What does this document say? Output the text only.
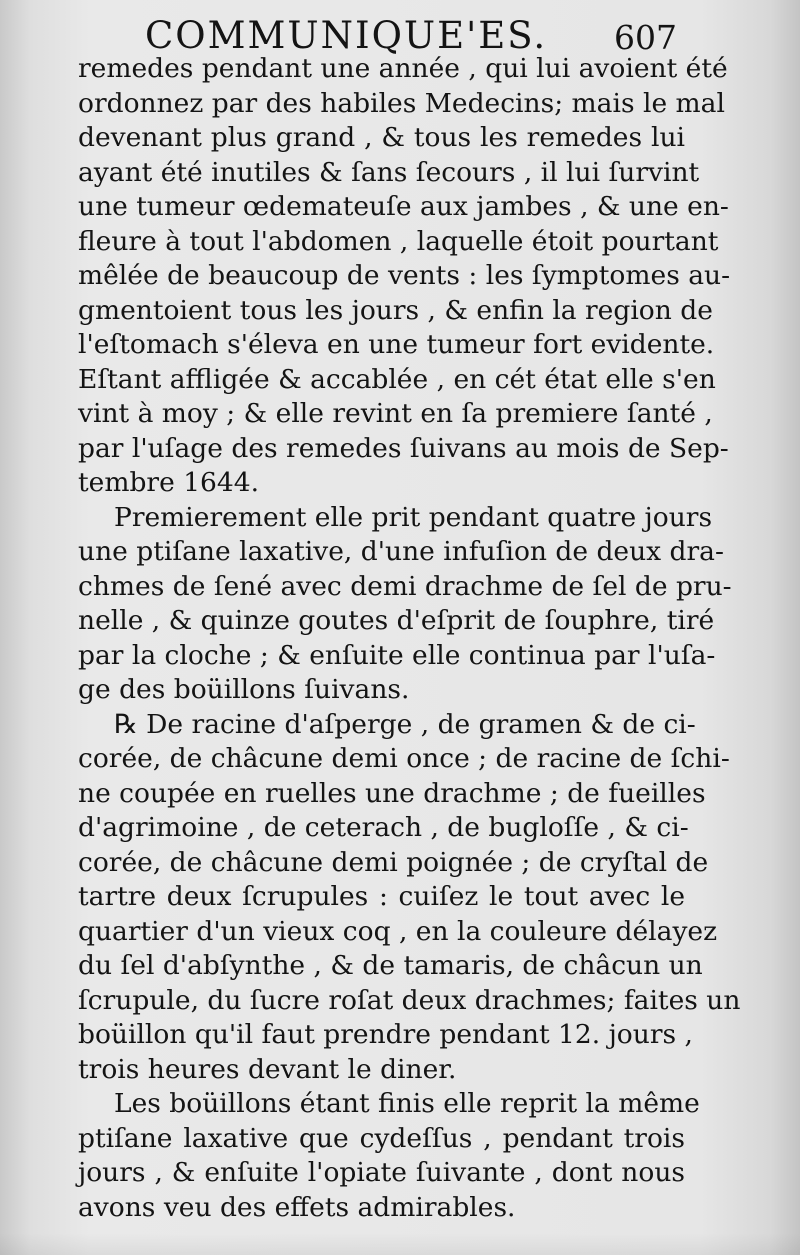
COMMUNIQUE'ES. 607
remedes pendant une année , qui lui avoient été
ordonnez par des habiles Medecins; mais le mal
devenant plus grand , & tous les remedes lui
ayant été inutiles & ſans ſecours , il lui ſurvint
une tumeur œdemateuſe aux jambes , & une en-
fleure à tout l'abdomen , laquelle étoit pourtant
mêlée de beaucoup de vents : les ſymptomes au-
gmentoient tous les jours , & enfin la region de
l'eſtomach s'éleva en une tumeur fort evidente.
Eſtant affligée & accablée , en cét état elle s'en
vint à moy ; & elle revint en ſa premiere ſanté ,
par l'uſage des remedes ſuivans au mois de Sep-
tembre 1644.
Premierement elle prit pendant quatre jours
une ptiſane laxative, d'une infuſion de deux dra-
chmes de ſené avec demi drachme de ſel de pru-
nelle , & quinze goutes d'eſprit de ſouphre, tiré
par la cloche ; & enſuite elle continua par l'uſa-
ge des boüillons ſuivans.
℞ De racine d'aſperge , de gramen & de ci-
corée, de châcune demi once ; de racine de ſchi-
ne coupée en ruelles une drachme ; de fueilles
d'agrimoine , de ceterach , de bugloſſe , & ci-
corée, de châcune demi poignée ; de cryſtal de
tartre deux ſcrupules : cuiſez le tout avec le
quartier d'un vieux coq , en la couleure délayez
du ſel d'abſynthe , & de tamaris, de châcun un
ſcrupule, du ſucre roſat deux drachmes; faites un
boüillon qu'il faut prendre pendant 12. jours ,
trois heures devant le diner.
Les boüillons étant finis elle reprit la même
ptiſane laxative que cydeſſus , pendant trois
jours , & enſuite l'opiate ſuivante , dont nous
avons veu des effets admirables.
